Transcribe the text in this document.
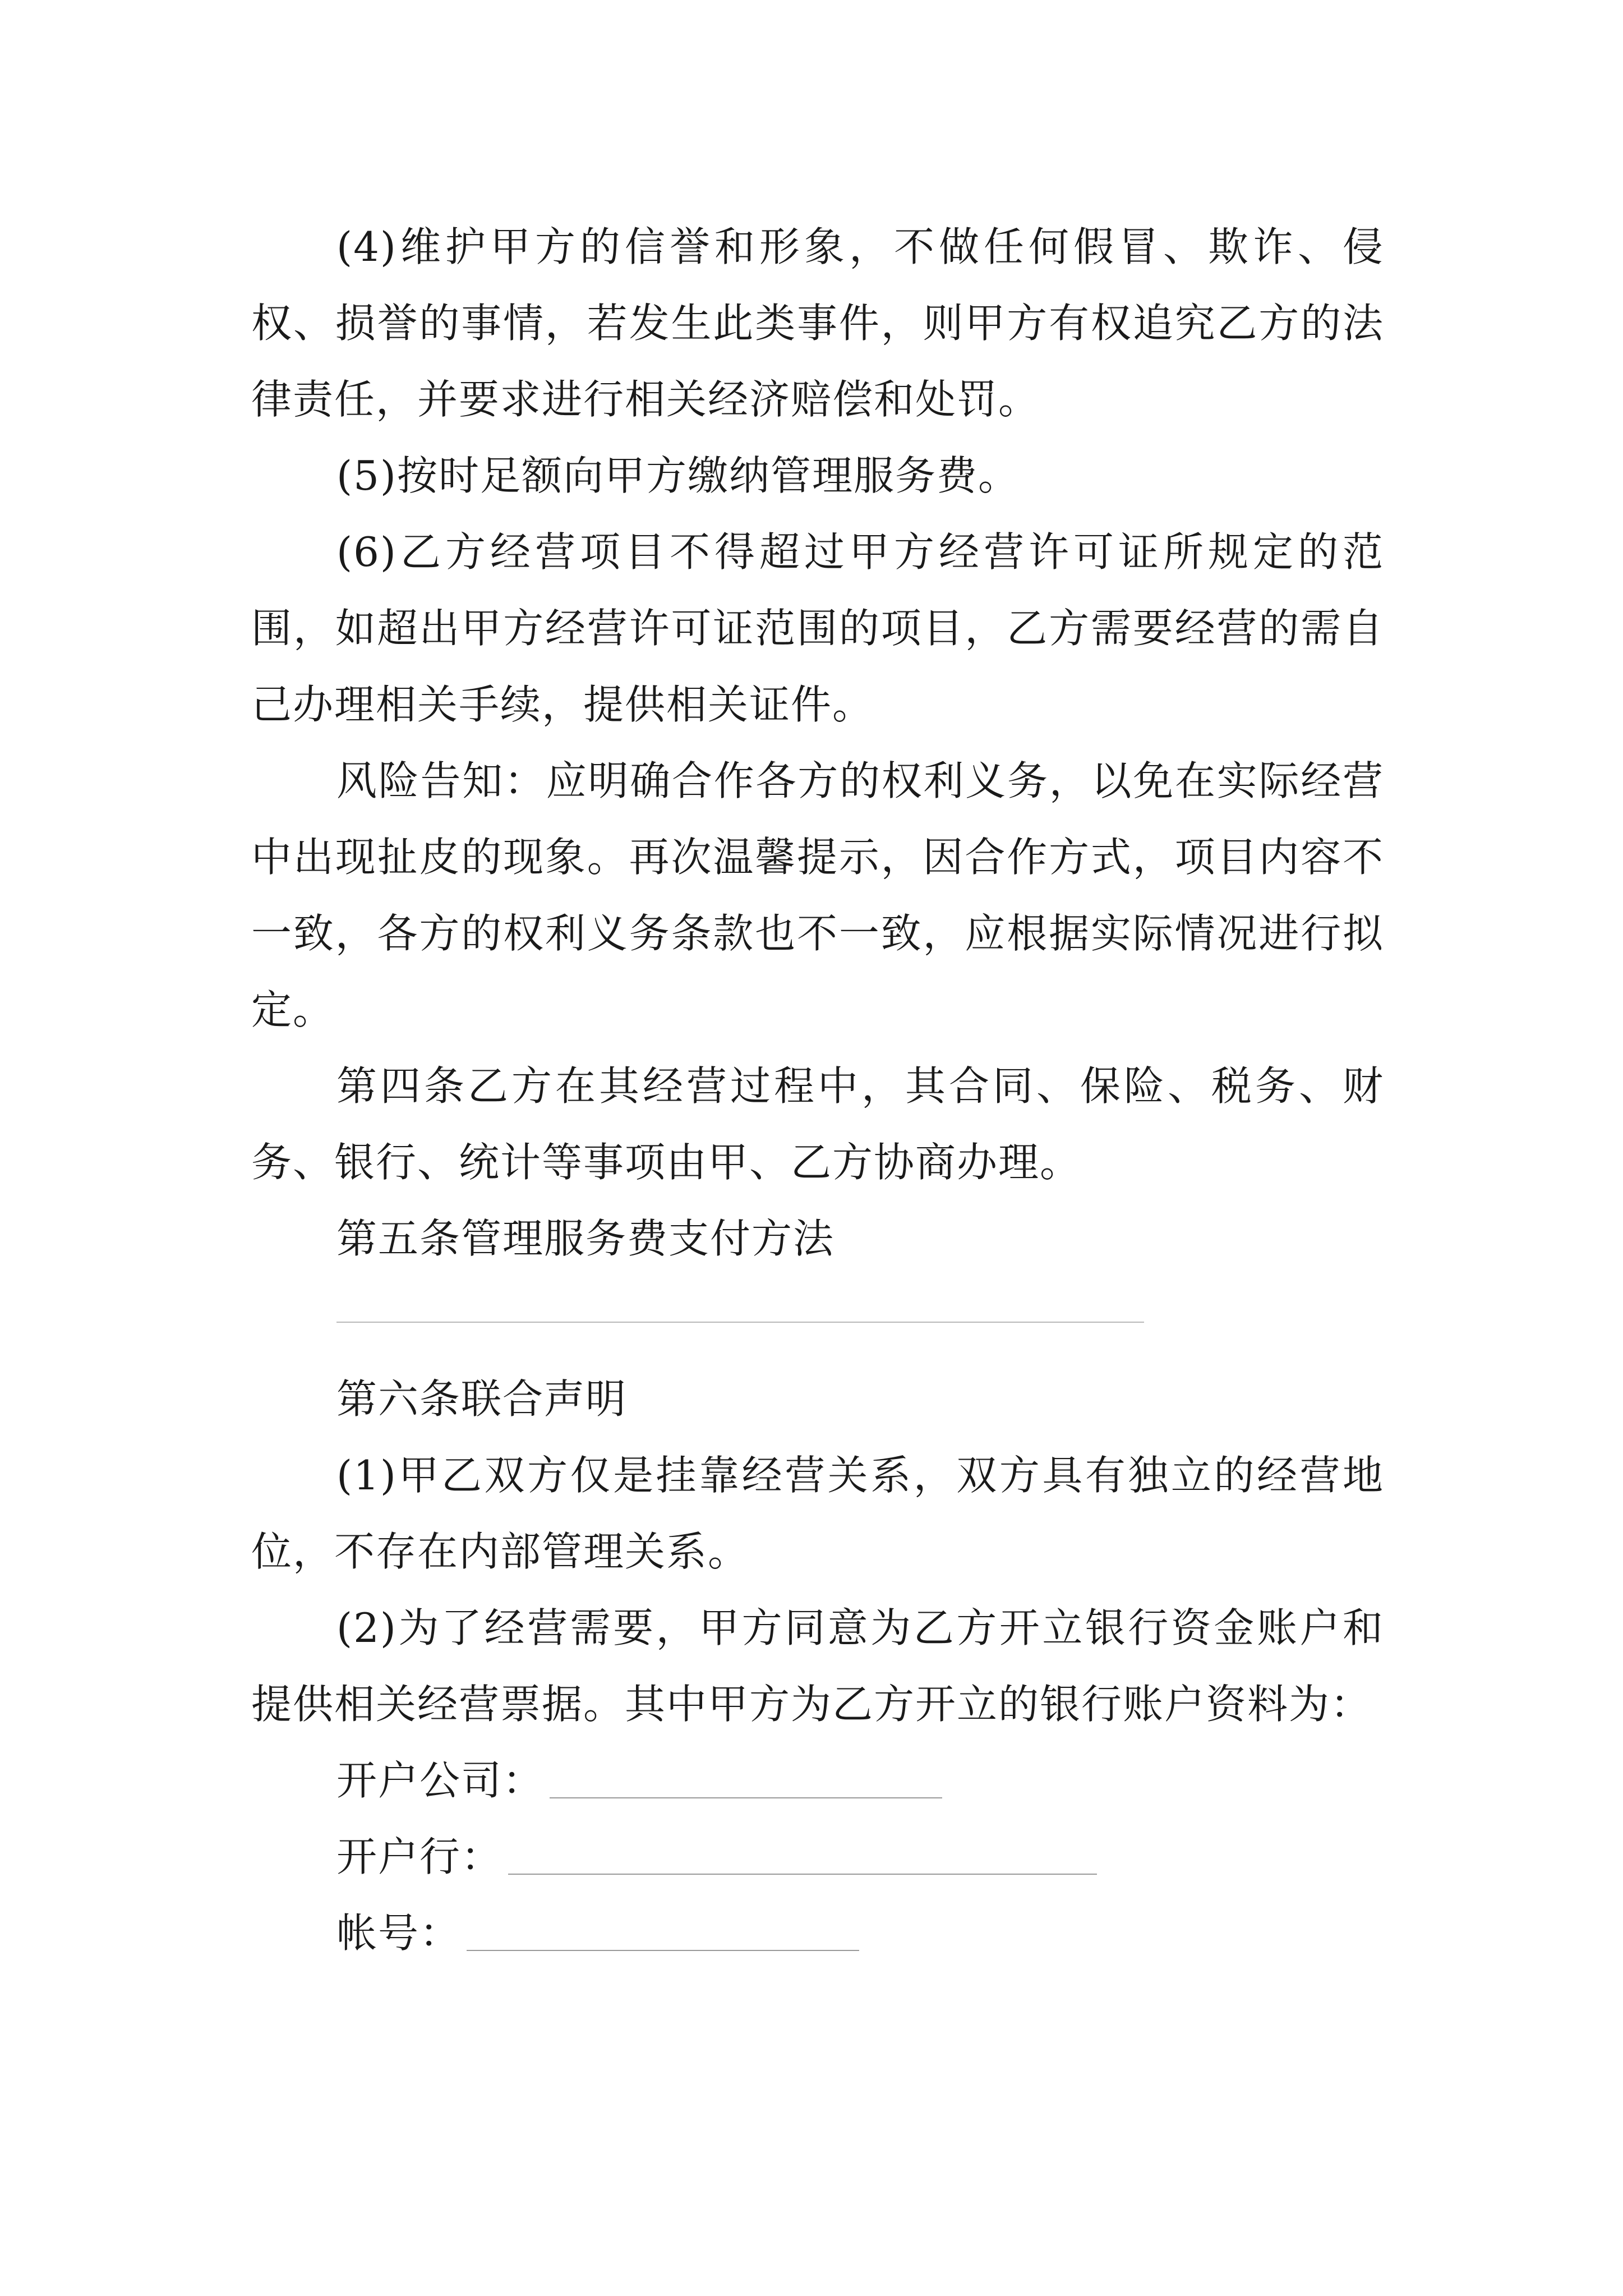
(4)维护甲方的信誉和形象，不做任何假冒、欺诈、侵权、损誉的事情，若发生此类事件，则甲方有权追究乙方的法律责任，并要求进行相关经济赔偿和处罚。

(5)按时足额向甲方缴纳管理服务费。

(6)乙方经营项目不得超过甲方经营许可证所规定的范围，如超出甲方经营许可证范围的项目，乙方需要经营的需自己办理相关手续，提供相关证件。

风险告知：应明确合作各方的权利义务，以免在实际经营中出现扯皮的现象。再次温馨提示，因合作方式，项目内容不一致，各方的权利义务条款也不一致，应根据实际情况进行拟定。

第四条乙方在其经营过程中，其合同、保险、税务、财务、银行、统计等事项由甲、乙方协商办理。

第五条管理服务费支付方法

第六条联合声明

(1)甲乙双方仅是挂靠经营关系，双方具有独立的经营地位，不存在内部管理关系。

(2)为了经营需要，甲方同意为乙方开立银行资金账户和提供相关经营票据。其中甲方为乙方开立的银行账户资料为：

开户公司：
开户行：
帐号：
